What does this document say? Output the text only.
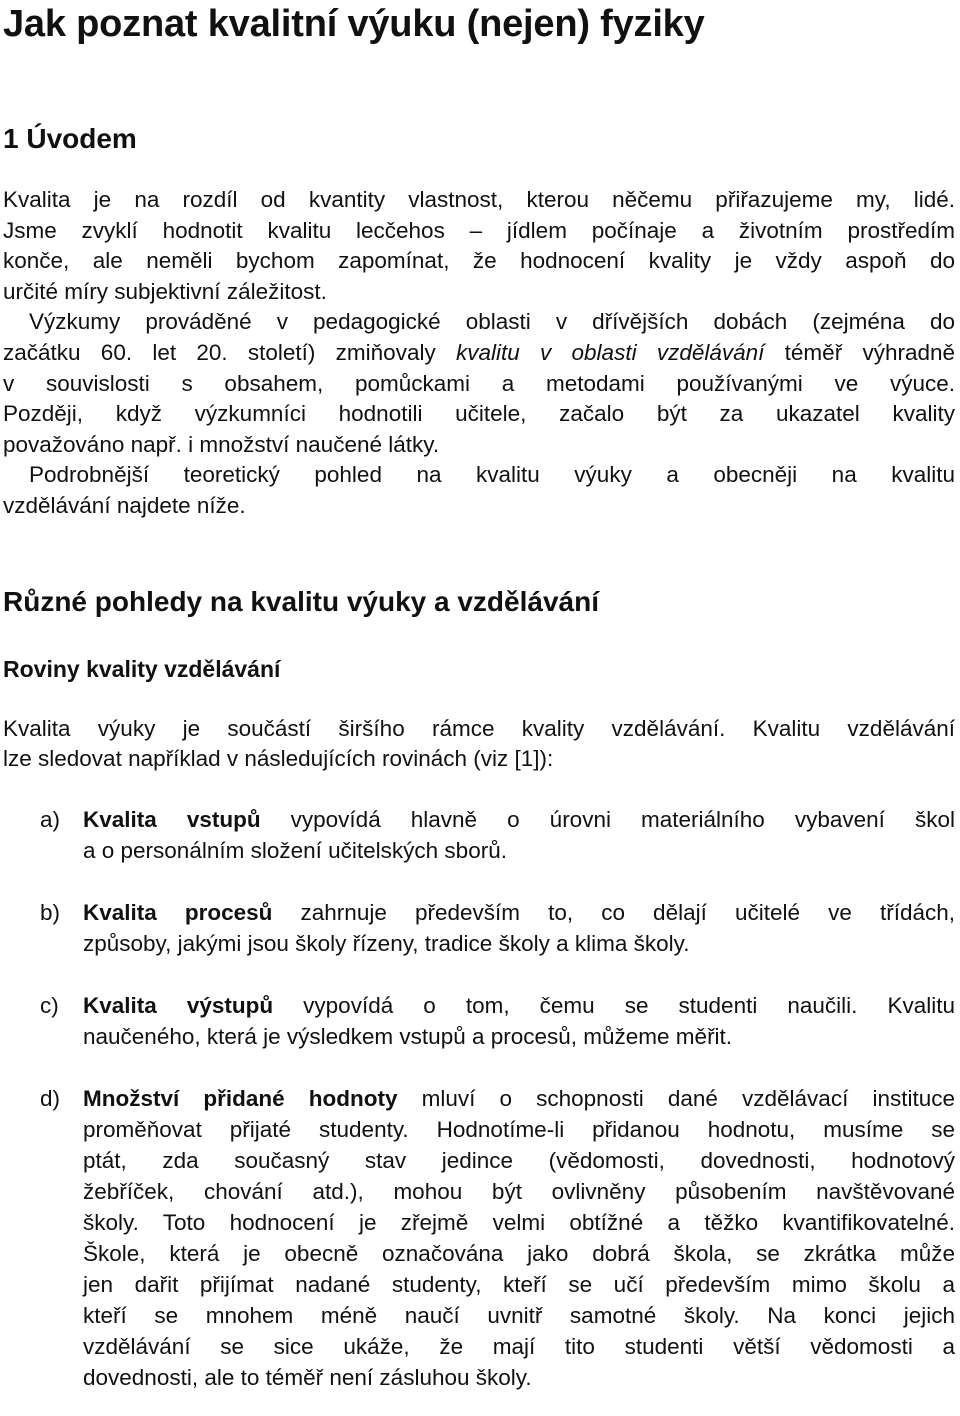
Jak poznat kvalitní výuku (nejen) fyziky
1 Úvodem

Kvalita je na rozdíl od kvantity vlastnost, kterou něčemu přiřazujeme my, lidé.
Jsme zvyklí hodnotit kvalitu lecčehos – jídlem počínaje a životním prostředím
konče, ale neměli bychom zapomínat, že hodnocení kvality je vždy aspoň do
určité míry subjektivní záležitost.

Výzkumy prováděné v pedagogické oblasti v dřívějších dobách (zejména do
začátku 60. let 20. století) zmiňovaly kvalitu v oblasti vzdělávání téměř výhradně
v souvislosti s obsahem, pomůckami a metodami používanými ve výuce.
Později, když výzkumníci hodnotili učitele, začalo být za ukazatel kvality
považováno např. i množství naučené látky.

Podrobnější teoretický pohled na kvalitu výuky a obecněji na kvalitu
vzdělávání najdete níže.

Různé pohledy na kvalitu výuky a vzdělávání
Roviny kvality vzdělávání

Kvalita výuky je součástí širšího rámce kvality vzdělávání. Kvalitu vzdělávání
lze sledovat například v následujících rovinách (viz [1]):

a) Kvalita vstupů vypovídá hlavně o úrovni materiálního vybavení škol
a o personálním složení učitelských sborů.
b) Kvalita procesů zahrnuje především to, co dělají učitelé ve třídách,
způsoby, jakými jsou školy řízeny, tradice školy a klima školy.
c) Kvalita výstupů vypovídá o tom, čemu se studenti naučili. Kvalitu
naučeného, která je výsledkem vstupů a procesů, můžeme měřit.
d) Množství přidané hodnoty mluví o schopnosti dané vzdělávací instituce
proměňovat přijaté studenty. Hodnotíme-li přidanou hodnotu, musíme se
ptát, zda současný stav jedince (vědomosti, dovednosti, hodnotový
žebříček, chování atd.), mohou být ovlivněny působením navštěvované
školy. Toto hodnocení je zřejmě velmi obtížné a těžko kvantifikovatelné.
Škole, která je obecně označována jako dobrá škola, se zkrátka může
jen dařit přijímat nadané studenty, kteří se učí především mimo školu a
kteří se mnohem méně naučí uvnitř samotné školy. Na konci jejich
vzdělávání se sice ukáže, že mají tito studenti větší vědomosti a
dovednosti, ale to téměř není zásluhou školy.
